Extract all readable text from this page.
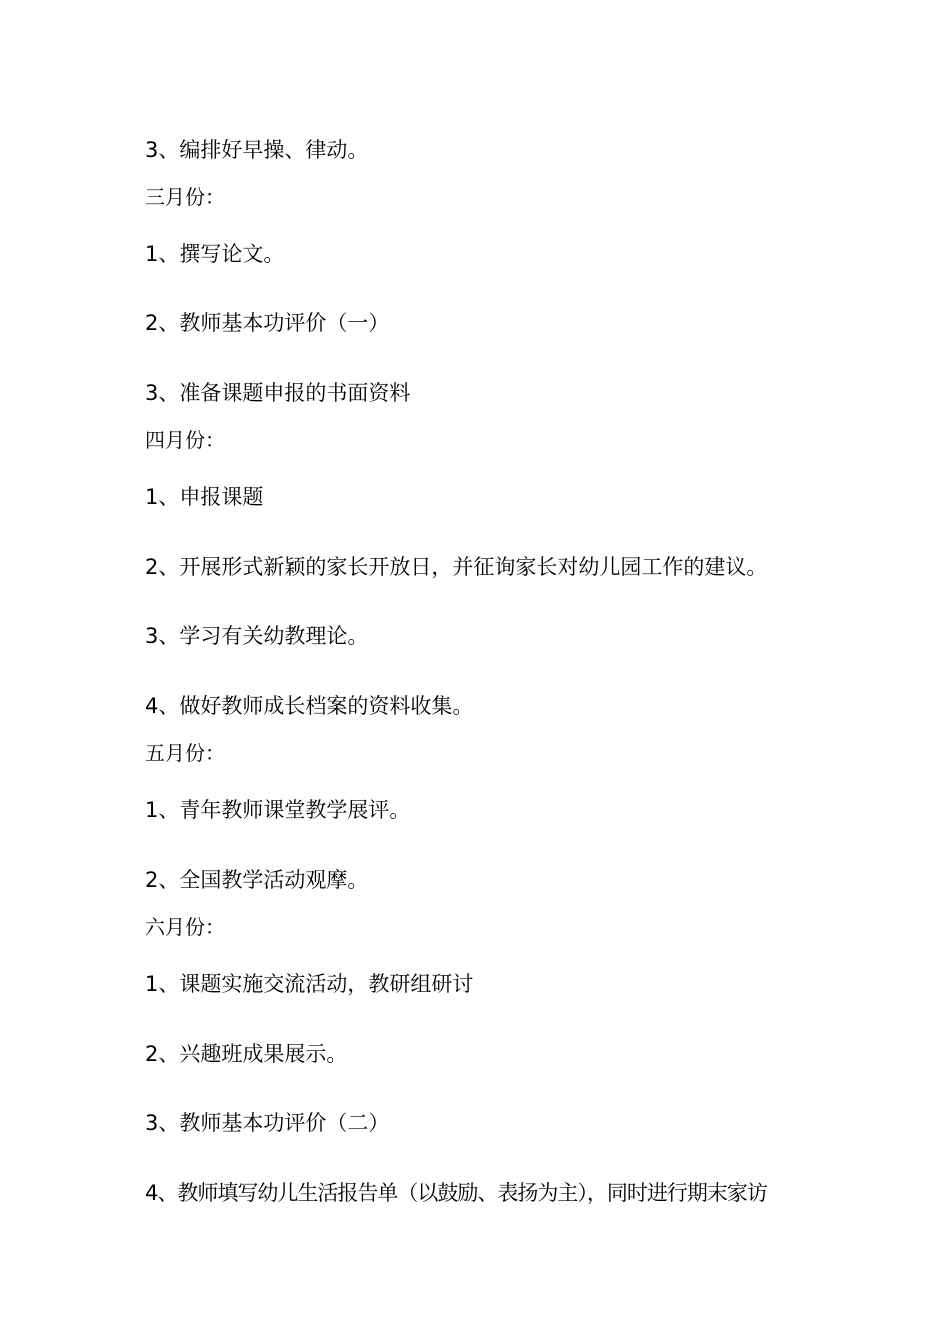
3、编排好早操、律动。
三月份：
1、撰写论文。
2、教师基本功评价（一）
3、准备课题申报的书面资料
四月份：
1、申报课题
2、开展形式新颖的家长开放日，并征询家长对幼儿园工作的建议。
3、学习有关幼教理论。
4、做好教师成长档案的资料收集。
五月份：
1、青年教师课堂教学展评。
2、全国教学活动观摩。
六月份：
1、课题实施交流活动，教研组研讨
2、兴趣班成果展示。
3、教师基本功评价（二）
4、教师填写幼儿生活报告单（以鼓励、表扬为主），同时进行期末家访
